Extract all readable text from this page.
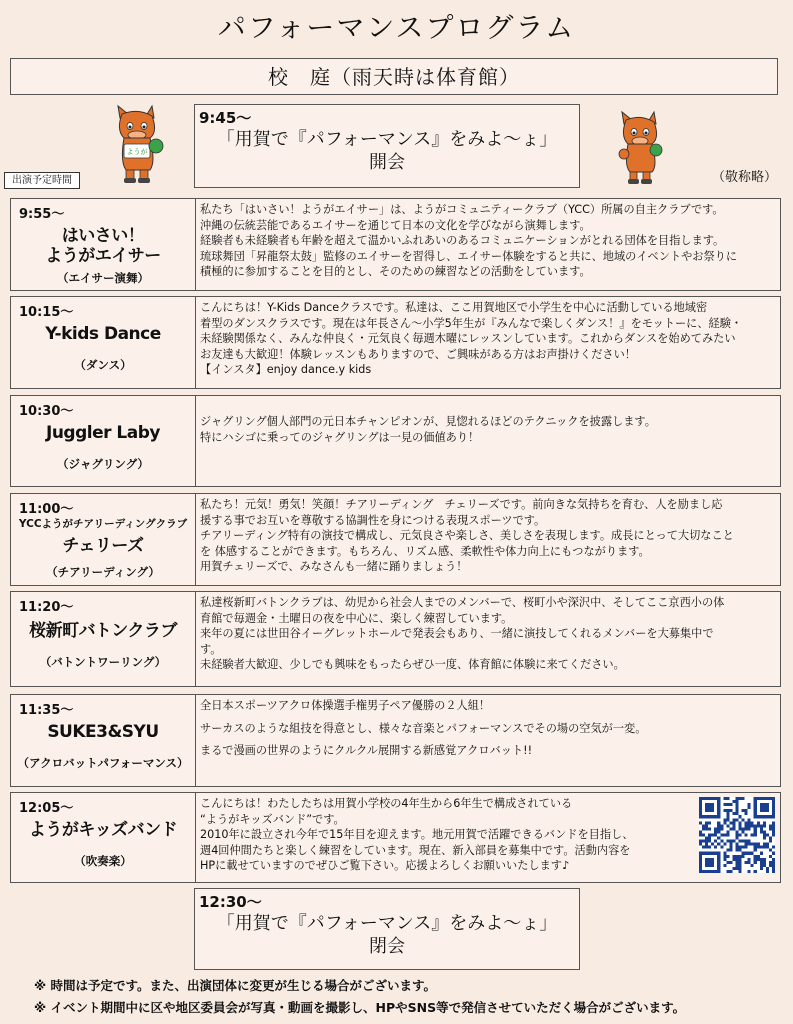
パフォーマンスプログラム
校　庭（雨天時は体育館）
ようが
9:45～
「用賀で『パフォーマンス』をみよ～ょ」
開会
出演予定時間	（敬称略）
9:55～
はいさい！
ようがエイサー
（エイサー演舞）
私たち「はいさい！ようがエイサー」は、ようがコミュニティークラブ（YCC）所属の自主クラブです。
沖縄の伝統芸能であるエイサーを通じて日本の文化を学びながら演舞します。
経験者も未経験者も年齢を超えて温かいふれあいのあるコミュニケーションがとれる団体を目指します。
琉球舞団「昇龍祭太鼓」監修のエイサーを習得し、エイサー体験をすると共に、地域のイベントやお祭りに
積極的に参加することを目的とし、そのための練習などの活動をしています。
10:15～
Y-kids Dance
（ダンス）
こんにちは！Y-Kids Danceクラスです。私達は、ここ用賀地区で小学生を中心に活動している地域密
着型のダンスクラスです。現在は年長さん～小学5年生が『みんなで楽しくダンス！』をモットーに、経験・
未経験関係なく、みんな仲良く・元気良く毎週木曜にレッスンしています。これからダンスを始めてみたい
お友達も大歓迎！体験レッスンもありますので、ご興味がある方はお声掛けください！
【インスタ】enjoy dance.y kids
10:30～
Juggler Laby
（ジャグリング）
ジャグリング個人部門の元日本チャンピオンが、見惚れるほどのテクニックを披露します。
特にハシゴに乗ってのジャグリングは一見の価値あり！
11:00～
YCCようがチアリーディングクラブ
チェリーズ
（チアリーディング）
私たち！元気！勇気！笑顔！チアリーディング　チェリーズです。前向きな気持ちを育む、人を励まし応
援する事でお互いを尊敬する協調性を身につける表現スポーツです。
チアリーディング特有の演技で構成し、元気良さや楽しさ、美しさを表現します。成長にとって大切なこと
を 体感することができます。もちろん、リズム感、柔軟性や体力向上にもつながります。
用賀チェリーズで、みなさんも一緒に踊りましょう！
11:20～
桜新町バトンクラブ
（バトントワーリング）
私達桜新町バトンクラブは、幼児から社会人までのメンバーで、桜町小や深沢中、そしてここ京西小の体
育館で毎週金・土曜日の夜を中心に、楽しく練習しています。
来年の夏には世田谷イーグレットホールで発表会もあり、一緒に演技してくれるメンバーを大募集中で
す。
未経験者大歓迎、少しでも興味をもったらぜひ一度、体育館に体験に来てください。
11:35～
SUKE3&SYU
（アクロバットパフォーマンス）
全日本スポーツアクロ体操選手権男子ペア優勝の２人組！
サーカスのような組技を得意とし、様々な音楽とパフォーマンスでその場の空気が一変。
まるで漫画の世界のようにクルクル展開する新感覚アクロバット!!
12:05～
ようがキッズバンド
（吹奏楽）
こんにちは！わたしたちは用賀小学校の4年生から6年生で構成されている
“ようがキッズバンド”です。
2010年に設立され今年で15年目を迎えます。地元用賀で活躍できるバンドを目指し、
週4回仲間たちと楽しく練習をしています。現在、新入部員を募集中です。活動内容を
HPに載せていますのでぜひご覧下さい。応援よろしくお願いいたします♪
12:30～
「用賀で『パフォーマンス』をみよ～ょ」
閉会
※ 時間は予定です。また、出演団体に変更が生じる場合がございます。
※ イベント期間中に区や地区委員会が写真・動画を撮影し、HPやSNS等で発信させていただく場合がございます。
